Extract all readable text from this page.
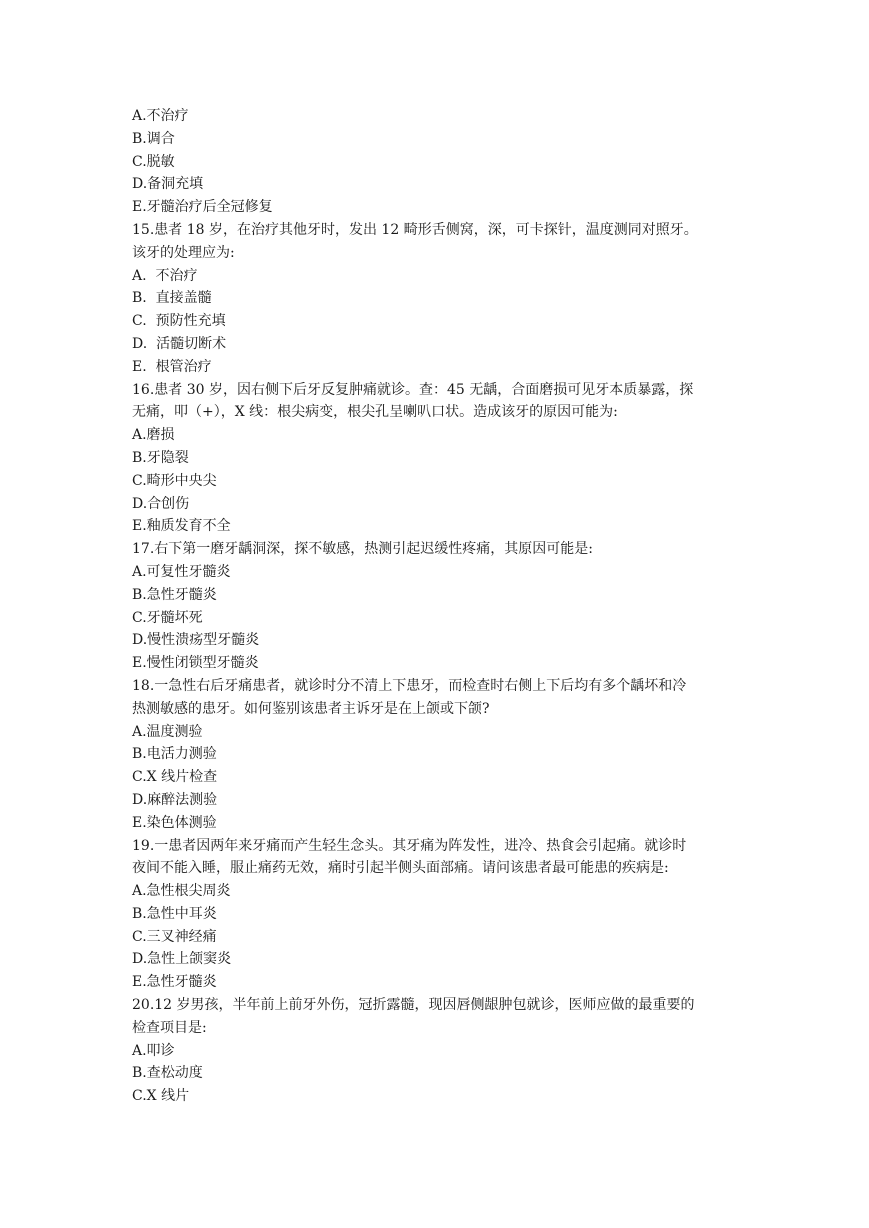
A.不治疗
B.调合
C.脱敏
D.备洞充填
E.牙髓治疗后全冠修复
15.患者 18 岁，在治疗其他牙时，发出 12 畸形舌侧窝，深，可卡探针，温度测同对照牙。
该牙的处理应为:
A.  不治疗
B.  直接盖髓
C.  预防性充填
D.  活髓切断术
E.  根管治疗
16.患者 30 岁，因右侧下后牙反复肿痛就诊。查：45 无龋，合面磨损可见牙本质暴露，探
无痛，叩（+），X 线：根尖病变，根尖孔呈喇叭口状。造成该牙的原因可能为:
A.磨损
B.牙隐裂
C.畸形中央尖
D.合创伤
E.釉质发育不全
17.右下第一磨牙龋洞深，探不敏感，热测引起迟缓性疼痛，其原因可能是:
A.可复性牙髓炎
B.急性牙髓炎
C.牙髓坏死
D.慢性溃疡型牙髓炎
E.慢性闭锁型牙髓炎
18.一急性右后牙痛患者，就诊时分不清上下患牙，而检查时右侧上下后均有多个龋坏和冷
热测敏感的患牙。如何鉴别该患者主诉牙是在上颌或下颌?
A.温度测验
B.电活力测验
C.X 线片检查
D.麻醉法测验
E.染色体测验
19.一患者因两年来牙痛而产生轻生念头。其牙痛为阵发性，进冷、热食会引起痛。就诊时
夜间不能入睡，服止痛药无效，痛时引起半侧头面部痛。请问该患者最可能患的疾病是:
A.急性根尖周炎
B.急性中耳炎
C.三叉神经痛
D.急性上颌窦炎
E.急性牙髓炎
20.12 岁男孩，半年前上前牙外伤，冠折露髓，现因唇侧龈肿包就诊，医师应做的最重要的
检查项目是:
A.叩诊
B.查松动度
C.X 线片
